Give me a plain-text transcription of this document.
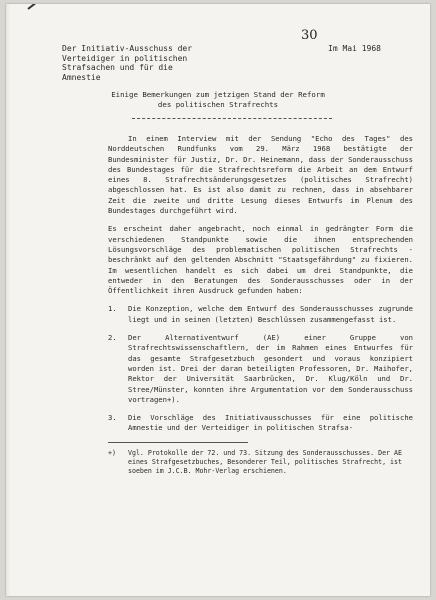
30
Im Mai 1968
Der Initiativ-Ausschuss der
Verteidiger in politischen
Strafsachen und für die
Amnestie
Einige Bemerkungen zum jetzigen Stand der Reform
des politischen Strafrechts
In einem Interview mit der Sendung "Echo des Tages" des Norddeutschen Rundfunks vom 29. März 1968 bestätigte der Bundesminister für Justiz, Dr. Dr. Heinemann, dass der Sonderausschuss des Bundestages für die Strafrechtsreform die Arbeit an dem Entwurf eines 8. Strafrechtsänderungsgesetzes (politisches Strafrecht) abgeschlossen hat. Es ist also damit zu rechnen, dass in absehbarer Zeit die zweite und dritte Lesung dieses Entwurfs im Plenum des Bundestages durchgeführt wird.
Es erscheint daher angebracht, noch einmal in gedrängter Form die verschiedenen Standpunkte sowie die ihnen entsprechenden Lösungsvorschläge des problematischen politischen Strafrechts - beschränkt auf den geltenden Abschnitt "Staatsgefährdung" zu fixieren. Im wesentlichen handelt es sich dabei um drei Standpunkte, die entweder in den Beratungen des Sonderausschusses oder in der Öffentlichkeit ihren Ausdruck gefunden haben:
1.	Die Konzeption, welche dem Entwurf des Sonderausschusses zugrunde liegt und in seinen (letzten) Beschlüssen zusammengefasst ist.
2.	Der Alternativentwurf (AE) einer Gruppe von Strafrechtswissenschaftlern, der im Rahmen eines Entwurfes für das gesamte Strafgesetzbuch gesondert und voraus konzipiert worden ist. Drei der daran beteiligten Professoren, Dr. Maihofer, Rektor der Universität Saarbrücken, Dr. Klug/Köln und Dr. Stree/Münster, konnten ihre Argumentation vor dem Sonderausschuss vortragen+).
3.	Die Vorschläge des Initiativausschusses für eine politische Amnestie und der Verteidiger in politischen Strafsa-
+)	Vgl. Protokolle der 72. und 73. Sitzung des Sonderausschusses. Der AE eines Strafgesetzbuches, Besonderer Teil, politisches Strafrecht, ist soeben im J.C.B. Mohr-Verlag erschienen.
